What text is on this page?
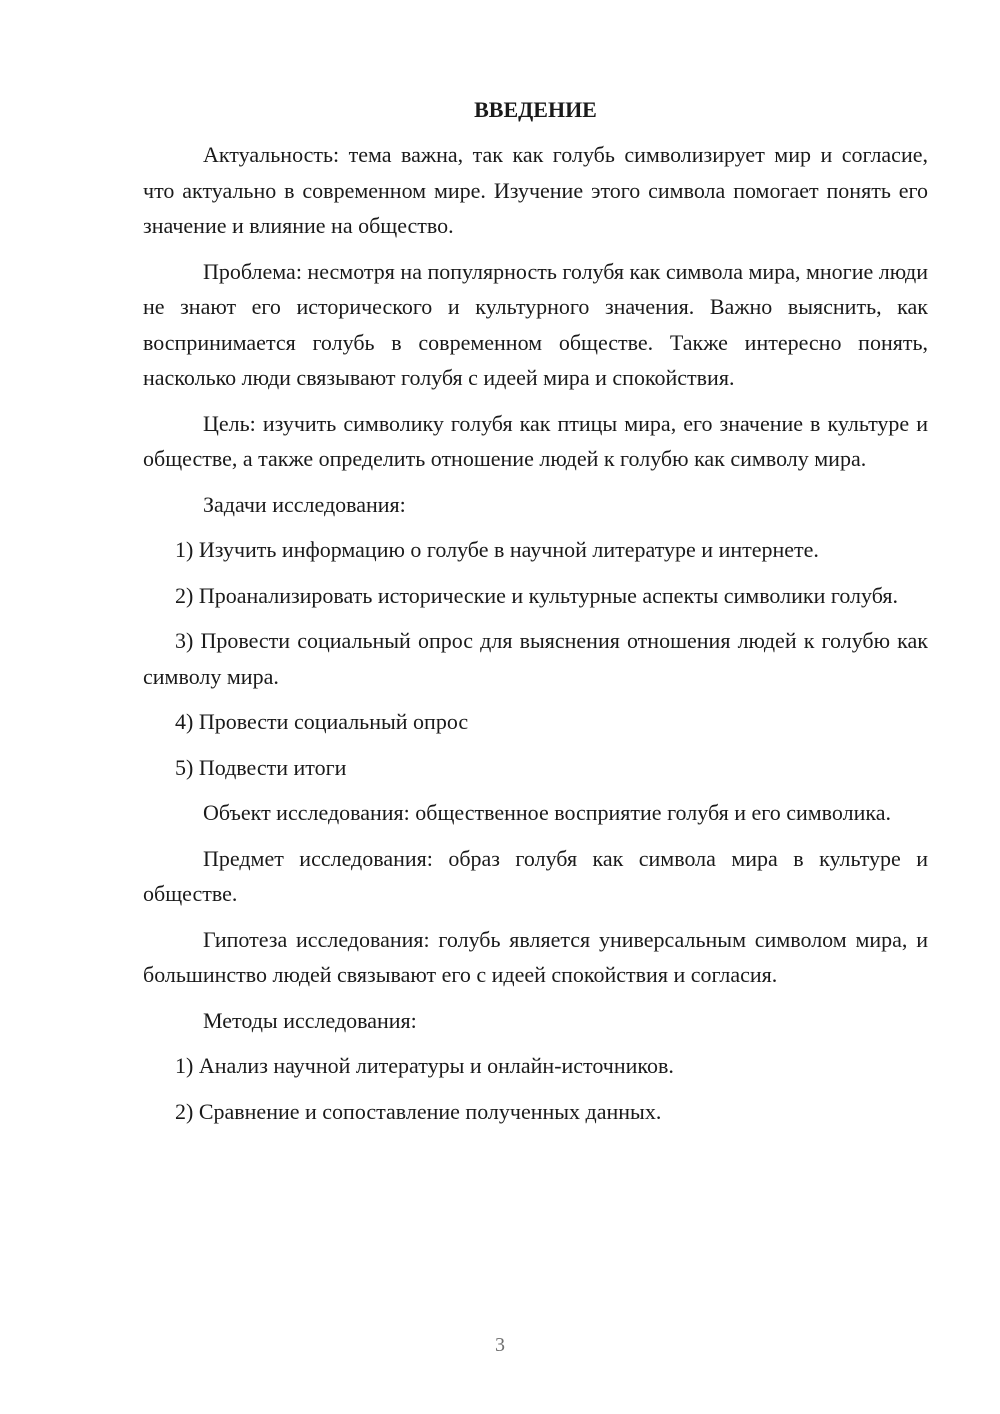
ВВЕДЕНИЕ

Актуальность: тема важна, так как голубь символизирует мир и согласие, что актуально в современном мире. Изучение этого символа помогает понять его значение и влияние на общество.

Проблема: несмотря на популярность голубя как символа мира, многие люди не знают его исторического и культурного значения. Важно выяснить, как воспринимается голубь в современном обществе. Также интересно понять, насколько люди связывают голубя с идеей мира и спокойствия.

Цель: изучить символику голубя как птицы мира, его значение в культуре и обществе, а также определить отношение людей к голубю как символу мира.

Задачи исследования:

1) Изучить информацию о голубе в научной литературе и интернете.

2) Проанализировать исторические и культурные аспекты символики голубя.

3) Провести социальный опрос для выяснения отношения людей к голубю как символу мира.

4) Провести социальный опрос

5) Подвести итоги

Объект исследования: общественное восприятие голубя и его символика.

Предмет исследования: образ голубя как символа мира в культуре и обществе.

Гипотеза исследования: голубь является универсальным символом мира, и большинство людей связывают его с идеей спокойствия и согласия.

Методы исследования:

1) Анализ научной литературы и онлайн-источников.

2) Сравнение и сопоставление полученных данных.

3
